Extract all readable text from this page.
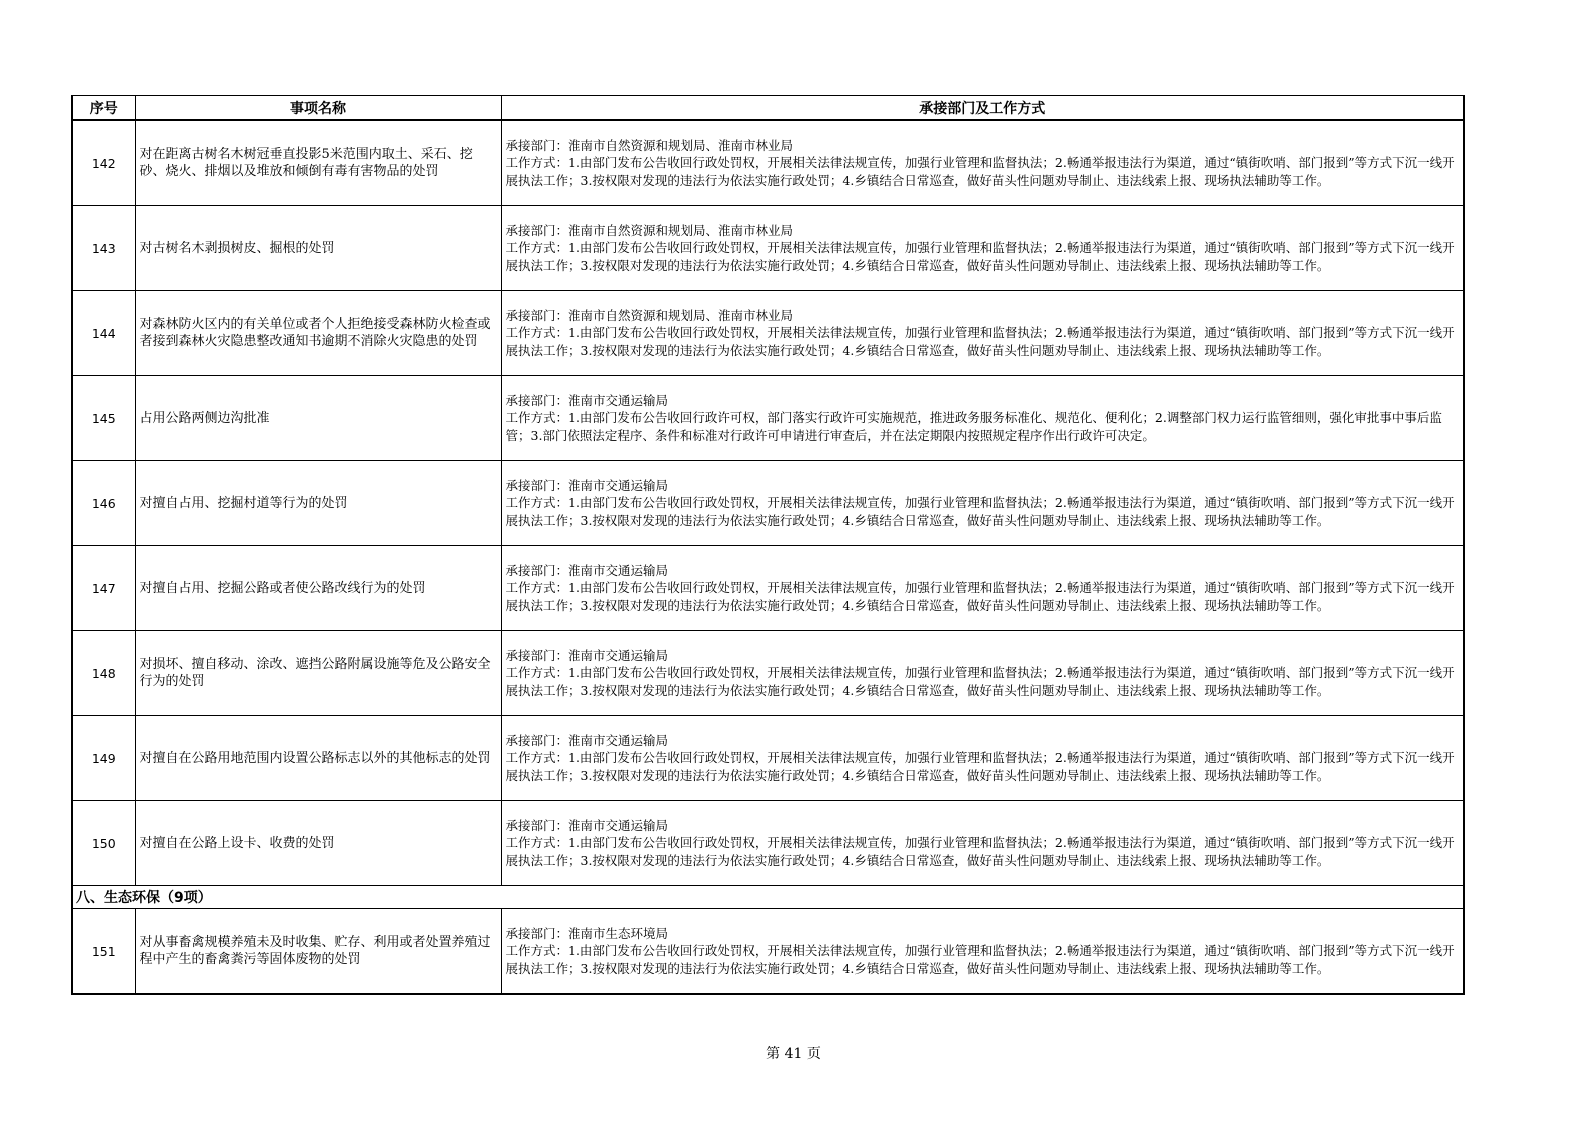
序号	事项名称	承接部门及工作方式
142	对在距离古树名木树冠垂直投影5米范围内取土、采石、挖砂、烧火、排烟以及堆放和倾倒有毒有害物品的处罚	承接部门：淮南市自然资源和规划局、淮南市林业局
工作方式：1.由部门发布公告收回行政处罚权，开展相关法律法规宣传，加强行业管理和监督执法；2.畅通举报违法行为渠道，通过“镇街吹哨、部门报到”等方式下沉一线开展执法工作；3.按权限对发现的违法行为依法实施行政处罚；4.乡镇结合日常巡查，做好苗头性问题劝导制止、违法线索上报、现场执法辅助等工作。

143	对古树名木剥损树皮、掘根的处罚	承接部门：淮南市自然资源和规划局、淮南市林业局
工作方式：1.由部门发布公告收回行政处罚权，开展相关法律法规宣传，加强行业管理和监督执法；2.畅通举报违法行为渠道，通过“镇街吹哨、部门报到”等方式下沉一线开展执法工作；3.按权限对发现的违法行为依法实施行政处罚；4.乡镇结合日常巡查，做好苗头性问题劝导制止、违法线索上报、现场执法辅助等工作。

144	对森林防火区内的有关单位或者个人拒绝接受森林防火检查或者接到森林火灾隐患整改通知书逾期不消除火灾隐患的处罚	承接部门：淮南市自然资源和规划局、淮南市林业局
工作方式：1.由部门发布公告收回行政处罚权，开展相关法律法规宣传，加强行业管理和监督执法；2.畅通举报违法行为渠道，通过“镇街吹哨、部门报到”等方式下沉一线开展执法工作；3.按权限对发现的违法行为依法实施行政处罚；4.乡镇结合日常巡查，做好苗头性问题劝导制止、违法线索上报、现场执法辅助等工作。

145	占用公路两侧边沟批准	承接部门：淮南市交通运输局
工作方式：1.由部门发布公告收回行政许可权，部门落实行政许可实施规范，推进政务服务标准化、规范化、便利化；2.调整部门权力运行监管细则，强化审批事中事后监管；3.部门依照法定程序、条件和标准对行政许可申请进行审查后，并在法定期限内按照规定程序作出行政许可决定。

146	对擅自占用、挖掘村道等行为的处罚	承接部门：淮南市交通运输局
工作方式：1.由部门发布公告收回行政处罚权，开展相关法律法规宣传，加强行业管理和监督执法；2.畅通举报违法行为渠道，通过“镇街吹哨、部门报到”等方式下沉一线开展执法工作；3.按权限对发现的违法行为依法实施行政处罚；4.乡镇结合日常巡查，做好苗头性问题劝导制止、违法线索上报、现场执法辅助等工作。

147	对擅自占用、挖掘公路或者使公路改线行为的处罚	承接部门：淮南市交通运输局
工作方式：1.由部门发布公告收回行政处罚权，开展相关法律法规宣传，加强行业管理和监督执法；2.畅通举报违法行为渠道，通过“镇街吹哨、部门报到”等方式下沉一线开展执法工作；3.按权限对发现的违法行为依法实施行政处罚；4.乡镇结合日常巡查，做好苗头性问题劝导制止、违法线索上报、现场执法辅助等工作。

148	对损坏、擅自移动、涂改、遮挡公路附属设施等危及公路安全行为的处罚	承接部门：淮南市交通运输局
工作方式：1.由部门发布公告收回行政处罚权，开展相关法律法规宣传，加强行业管理和监督执法；2.畅通举报违法行为渠道，通过“镇街吹哨、部门报到”等方式下沉一线开展执法工作；3.按权限对发现的违法行为依法实施行政处罚；4.乡镇结合日常巡查，做好苗头性问题劝导制止、违法线索上报、现场执法辅助等工作。

149	对擅自在公路用地范围内设置公路标志以外的其他标志的处罚	承接部门：淮南市交通运输局
工作方式：1.由部门发布公告收回行政处罚权，开展相关法律法规宣传，加强行业管理和监督执法；2.畅通举报违法行为渠道，通过“镇街吹哨、部门报到”等方式下沉一线开展执法工作；3.按权限对发现的违法行为依法实施行政处罚；4.乡镇结合日常巡查，做好苗头性问题劝导制止、违法线索上报、现场执法辅助等工作。

150	对擅自在公路上设卡、收费的处罚	承接部门：淮南市交通运输局
工作方式：1.由部门发布公告收回行政处罚权，开展相关法律法规宣传，加强行业管理和监督执法；2.畅通举报违法行为渠道，通过“镇街吹哨、部门报到”等方式下沉一线开展执法工作；3.按权限对发现的违法行为依法实施行政处罚；4.乡镇结合日常巡查，做好苗头性问题劝导制止、违法线索上报、现场执法辅助等工作。

八、生态环保（9项）		
151	对从事畜禽规模养殖未及时收集、贮存、利用或者处置养殖过程中产生的畜禽粪污等固体废物的处罚	承接部门：淮南市生态环境局
工作方式：1.由部门发布公告收回行政处罚权，开展相关法律法规宣传，加强行业管理和监督执法；2.畅通举报违法行为渠道，通过“镇街吹哨、部门报到”等方式下沉一线开展执法工作；3.按权限对发现的违法行为依法实施行政处罚；4.乡镇结合日常巡查，做好苗头性问题劝导制止、违法线索上报、现场执法辅助等工作。
第 41 页
